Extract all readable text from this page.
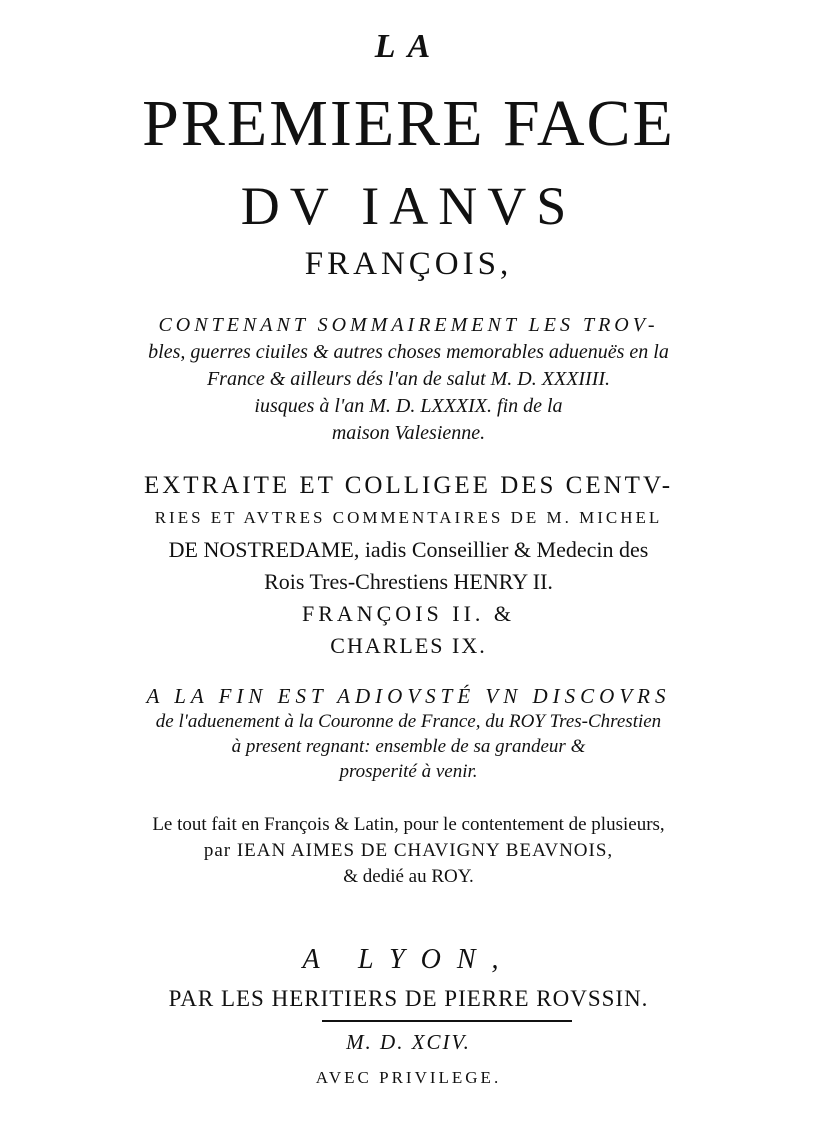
LA
PREMIERE FACE
DV IANVS
FRANÇOIS,
CONTENANT SOMMAIREMENT LES TROV-
bles, guerres ciuiles & autres choses memorables aduenuës en la
France & ailleurs dés l'an de salut M. D. XXXIIII.
iusques à l'an M. D. LXXXIX. fin de la
maison Valesienne.
EXTRAITE ET COLLIGEE DES CENTV-
RIES ET AVTRES COMMENTAIRES DE M. MICHEL
DE NOSTREDAME, iadis Conseillier & Medecin des
Rois Tres-Chrestiens HENRY II.
FRANÇOIS II. &
CHARLES IX.
A LA FIN EST ADIOVSTÉ VN DISCOVRS
de l'aduenement à la Couronne de France, du ROY Tres-Chrestien
à present regnant: ensemble de sa grandeur &
prosperité à venir.
Le tout fait en François & Latin, pour le contentement de plusieurs,
par IEAN AIMES DE CHAVIGNY BEAVNOIS,
& dedié au ROY.
A LYON,
PAR LES HERITIERS DE PIERRE ROVSSIN.
M. D. XCIV.
AVEC PRIVILEGE.
